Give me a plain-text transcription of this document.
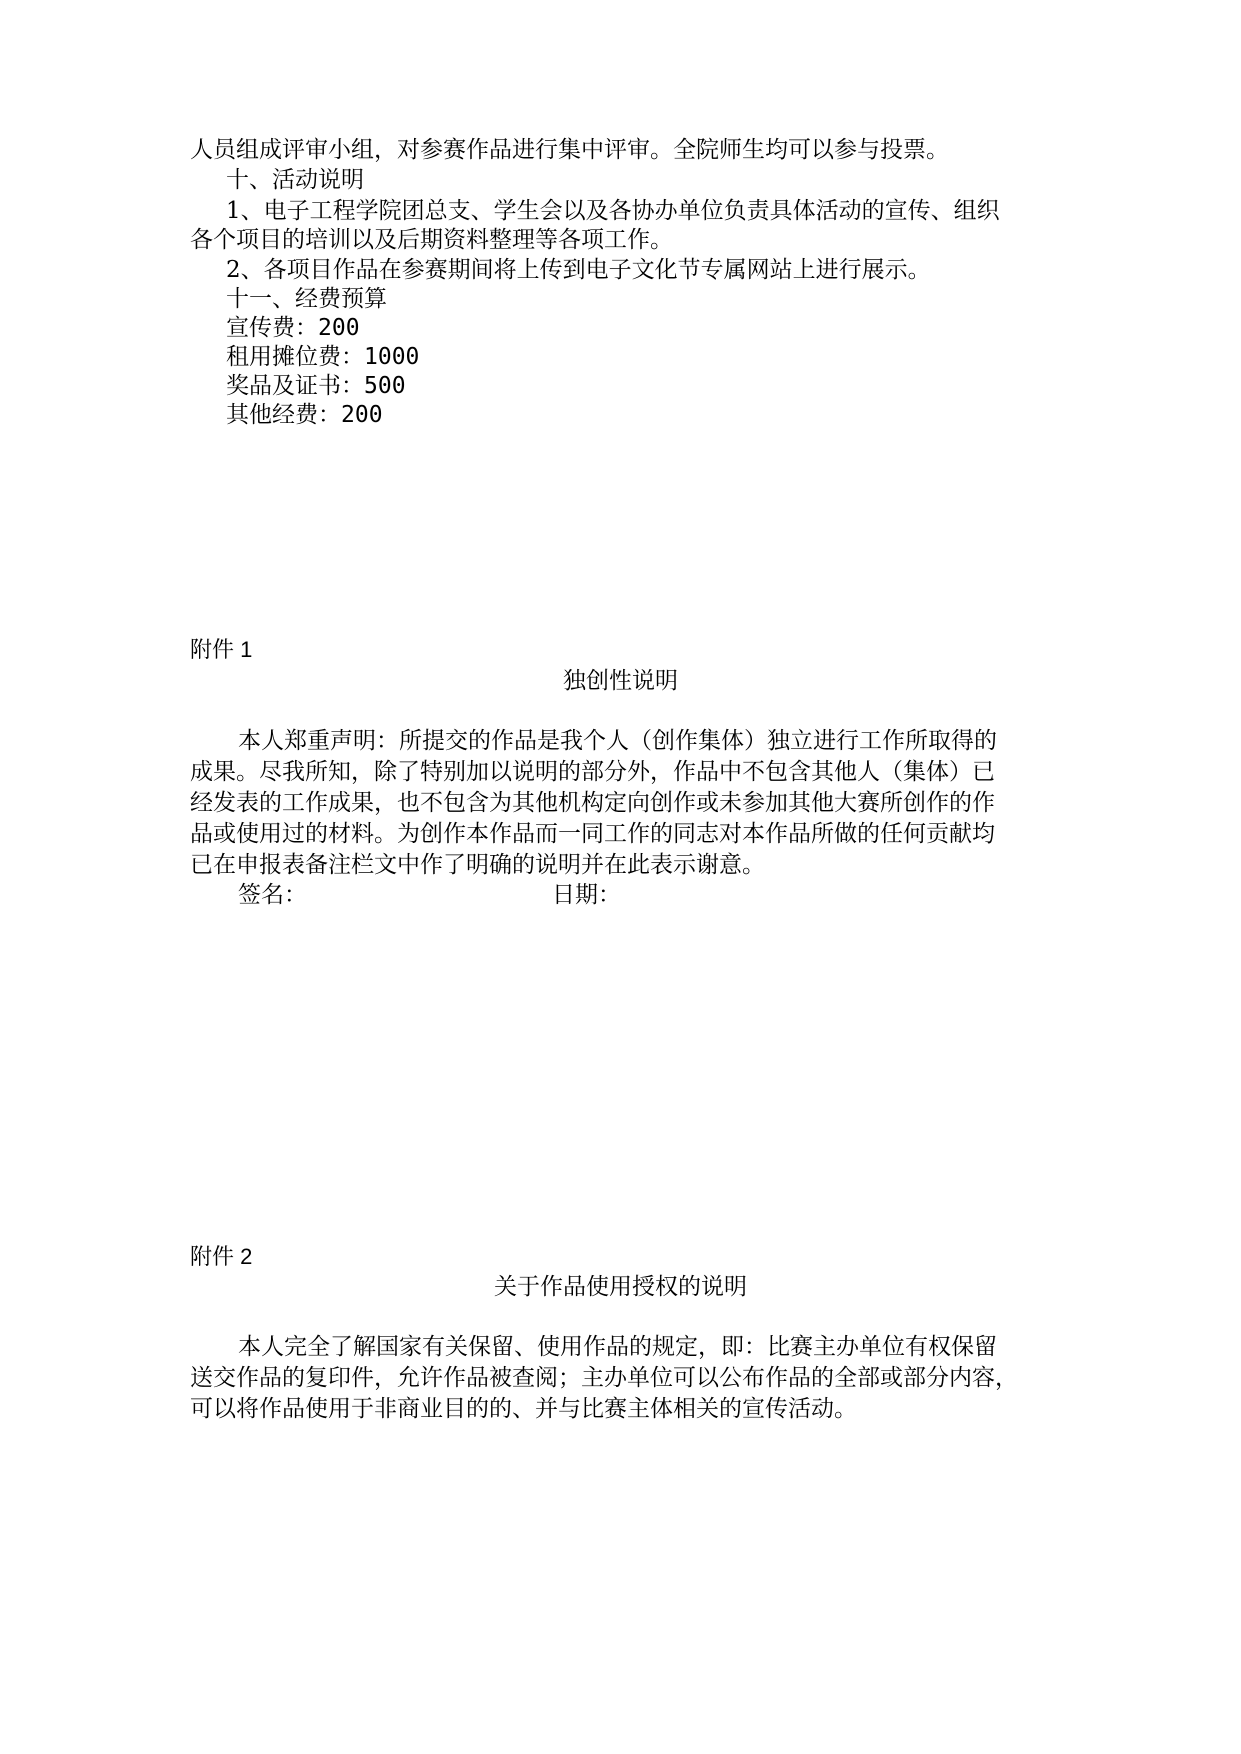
人员组成评审小组，对参赛作品进行集中评审。全院师生均可以参与投票。
十、活动说明
1、电子工程学院团总支、学生会以及各协办单位负责具体活动的宣传、组织
各个项目的培训以及后期资料整理等各项工作。
2、各项目作品在参赛期间将上传到电子文化节专属网站上进行展示。
十一、经费预算
宣传费：200
租用摊位费：1000
奖品及证书：500
其他经费：200
附件 1
独创性说明
本人郑重声明：所提交的作品是我个人（创作集体）独立进行工作所取得的
成果。尽我所知，除了特别加以说明的部分外，作品中不包含其他人（集体）已
经发表的工作成果，也不包含为其他机构定向创作或未参加其他大赛所创作的作
品或使用过的材料。为创作本作品而一同工作的同志对本作品所做的任何贡献均
已在申报表备注栏文中作了明确的说明并在此表示谢意。
签名：	日期：
附件 2
关于作品使用授权的说明
本人完全了解国家有关保留、使用作品的规定，即：比赛主办单位有权保留
送交作品的复印件，允许作品被查阅；主办单位可以公布作品的全部或部分内容，
可以将作品使用于非商业目的的、并与比赛主体相关的宣传活动。
